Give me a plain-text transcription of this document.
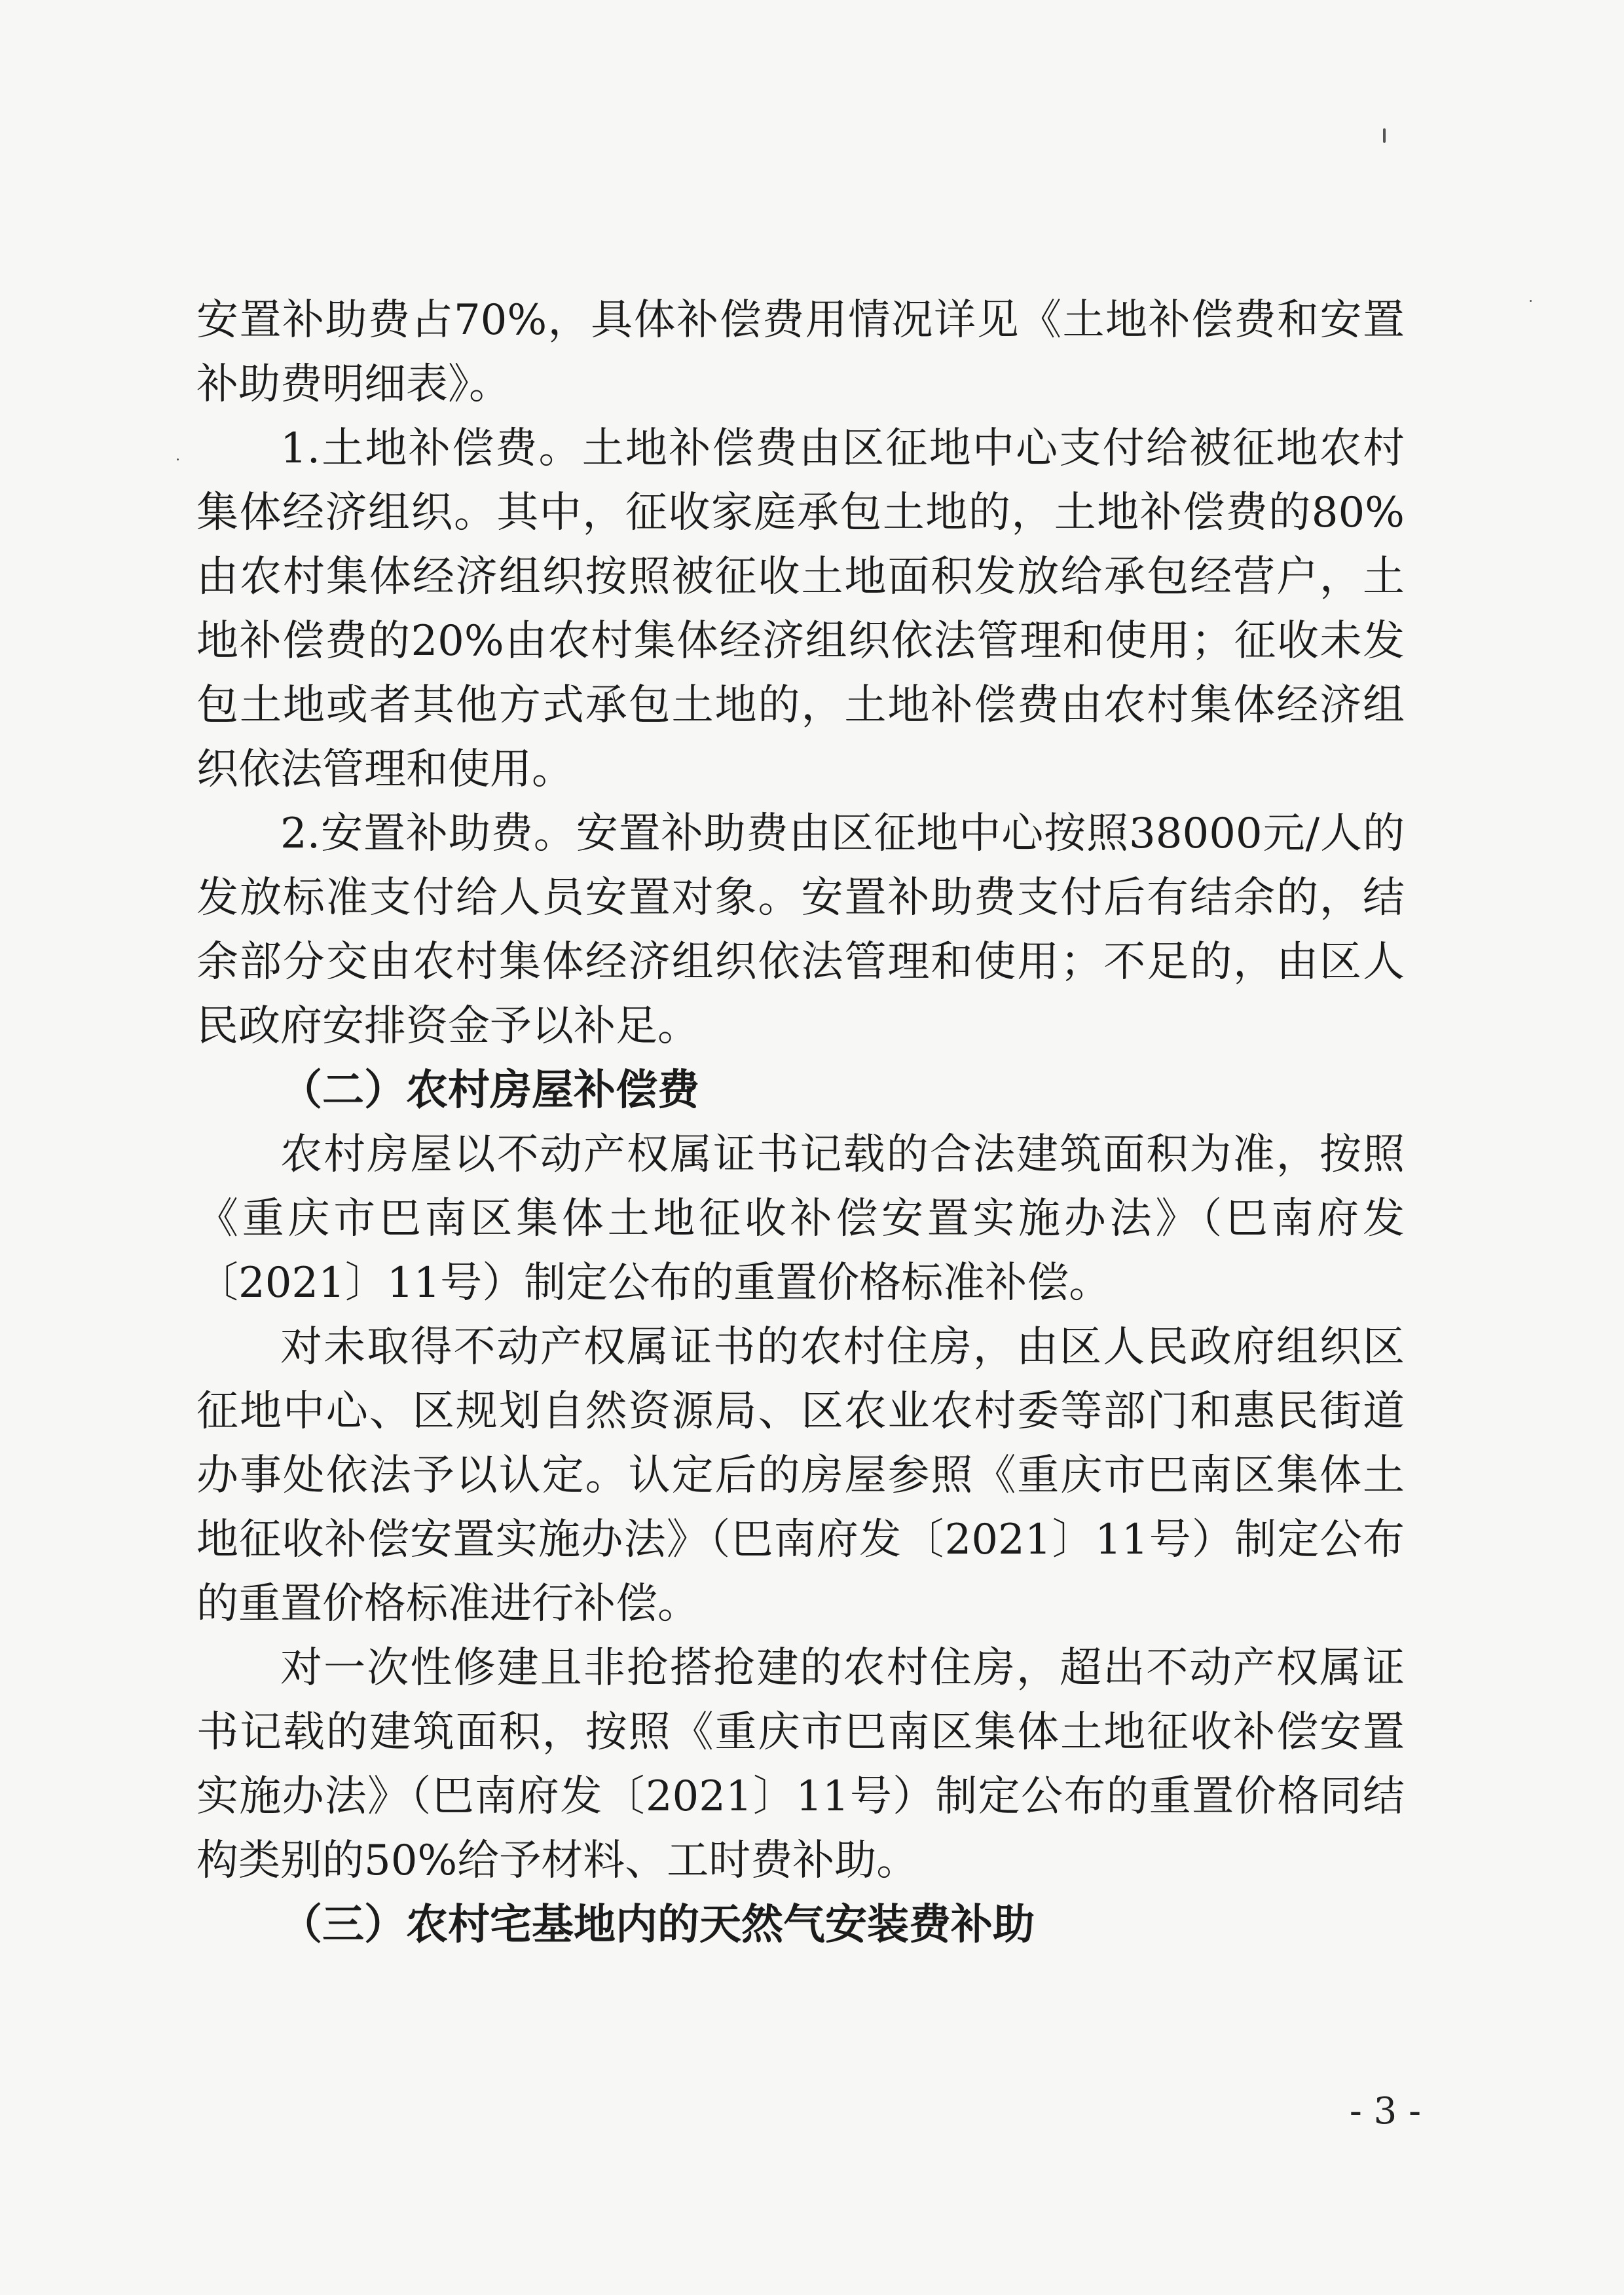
安置补助费占70%，具体补偿费用情况详见《土地补偿费和安置补助费明细表》。

1.土地补偿费。土地补偿费由区征地中心支付给被征地农村集体经济组织。其中，征收家庭承包土地的，土地补偿费的80%由农村集体经济组织按照被征收土地面积发放给承包经营户，土地补偿费的20%由农村集体经济组织依法管理和使用；征收未发包土地或者其他方式承包土地的，土地补偿费由农村集体经济组织依法管理和使用。

2.安置补助费。安置补助费由区征地中心按照38000元/人的发放标准支付给人员安置对象。安置补助费支付后有结余的，结余部分交由农村集体经济组织依法管理和使用；不足的，由区人民政府安排资金予以补足。

（二）农村房屋补偿费

农村房屋以不动产权属证书记载的合法建筑面积为准，按照《重庆市巴南区集体土地征收补偿安置实施办法》（巴南府发〔2021〕11号）制定公布的重置价格标准补偿。

对未取得不动产权属证书的农村住房，由区人民政府组织区征地中心、区规划自然资源局、区农业农村委等部门和惠民街道办事处依法予以认定。认定后的房屋参照《重庆市巴南区集体土地征收补偿安置实施办法》（巴南府发〔2021〕11号）制定公布的重置价格标准进行补偿。

对一次性修建且非抢搭抢建的农村住房，超出不动产权属证书记载的建筑面积，按照《重庆市巴南区集体土地征收补偿安置实施办法》（巴南府发〔2021〕11号）制定公布的重置价格同结构类别的50%给予材料、工时费补助。

（三）农村宅基地内的天然气安装费补助

- 3 -
